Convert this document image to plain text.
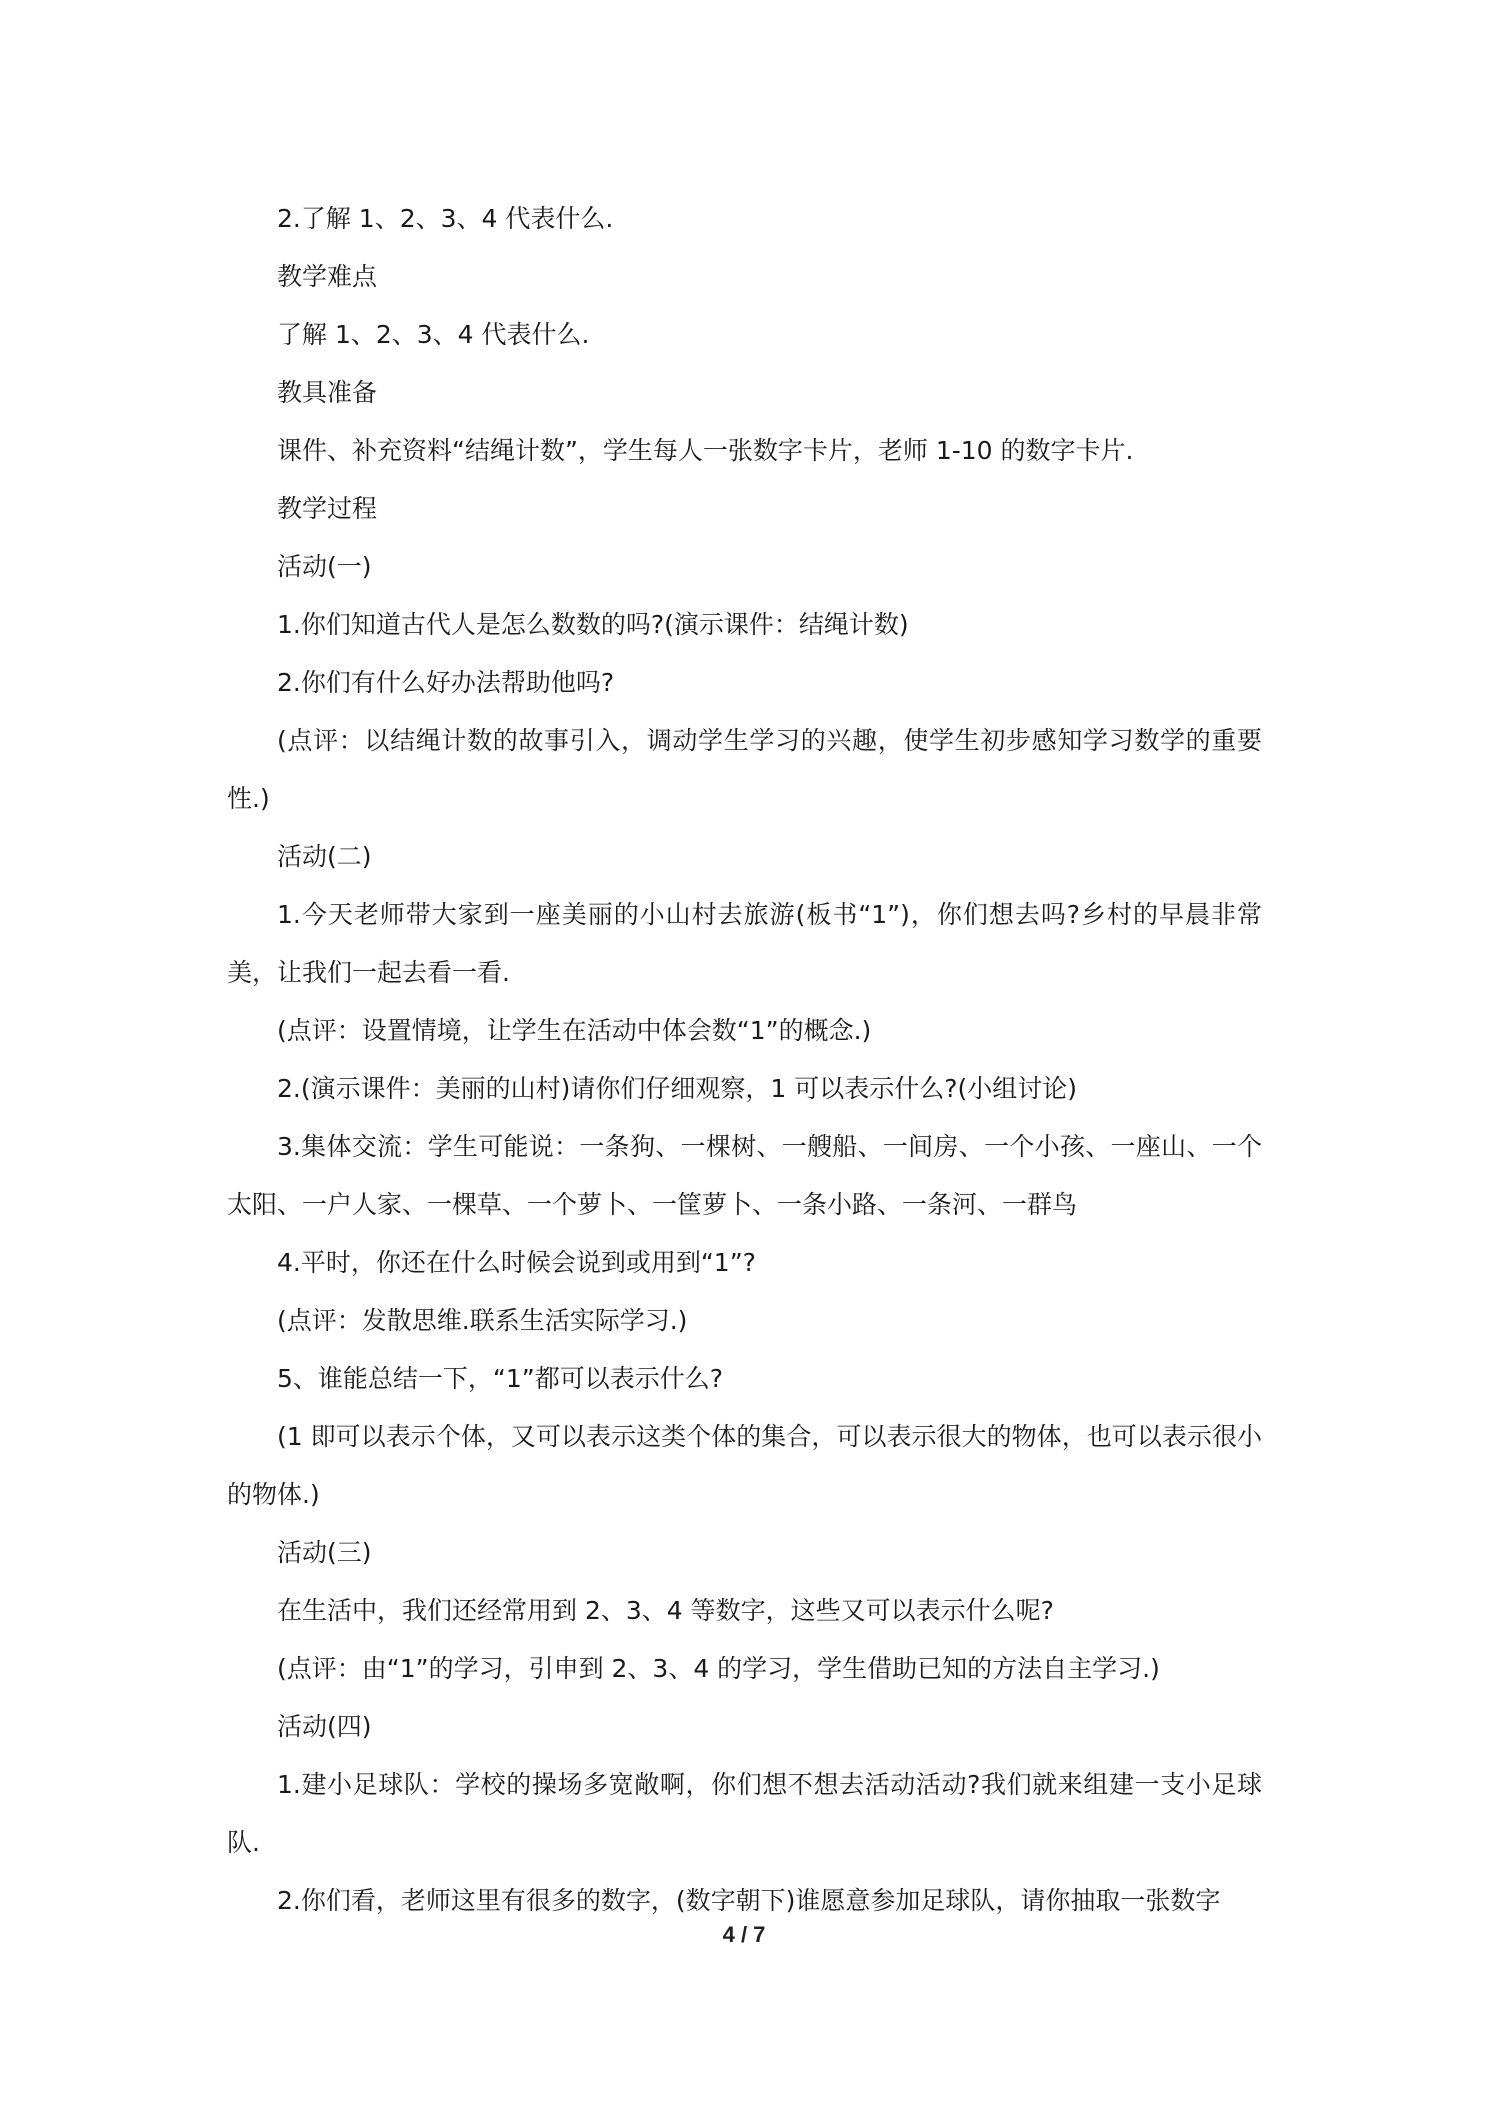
2.了解 1、2、3、4 代表什么.

教学难点

了解 1、2、3、4 代表什么.

教具准备

课件、补充资料“结绳计数”，学生每人一张数字卡片，老师 1-10 的数字卡片.

教学过程

活动(一)

1.你们知道古代人是怎么数数的吗?(演示课件：结绳计数)

2.你们有什么好办法帮助他吗?

(点评：以结绳计数的故事引入，调动学生学习的兴趣，使学生初步感知学习数学的重要性.)

活动(二)

1.今天老师带大家到一座美丽的小山村去旅游(板书“1”)，你们想去吗?乡村的早晨非常美，让我们一起去看一看.

(点评：设置情境，让学生在活动中体会数“1”的概念.)

2.(演示课件：美丽的山村)请你们仔细观察，1 可以表示什么?(小组讨论)

3.集体交流：学生可能说：一条狗、一棵树、一艘船、一间房、一个小孩、一座山、一个太阳、一户人家、一棵草、一个萝卜、一筐萝卜、一条小路、一条河、一群鸟

4.平时，你还在什么时候会说到或用到“1”?

(点评：发散思维.联系生活实际学习.)

5、谁能总结一下，“1”都可以表示什么?

(1 即可以表示个体，又可以表示这类个体的集合，可以表示很大的物体，也可以表示很小的物体.)

活动(三)

在生活中，我们还经常用到 2、3、4 等数字，这些又可以表示什么呢?

(点评：由“1”的学习，引申到 2、3、4 的学习，学生借助已知的方法自主学习.)

活动(四)

1.建小足球队：学校的操场多宽敞啊，你们想不想去活动活动?我们就来组建一支小足球队.

2.你们看，老师这里有很多的数字，(数字朝下)谁愿意参加足球队，请你抽取一张数字

4 / 7
